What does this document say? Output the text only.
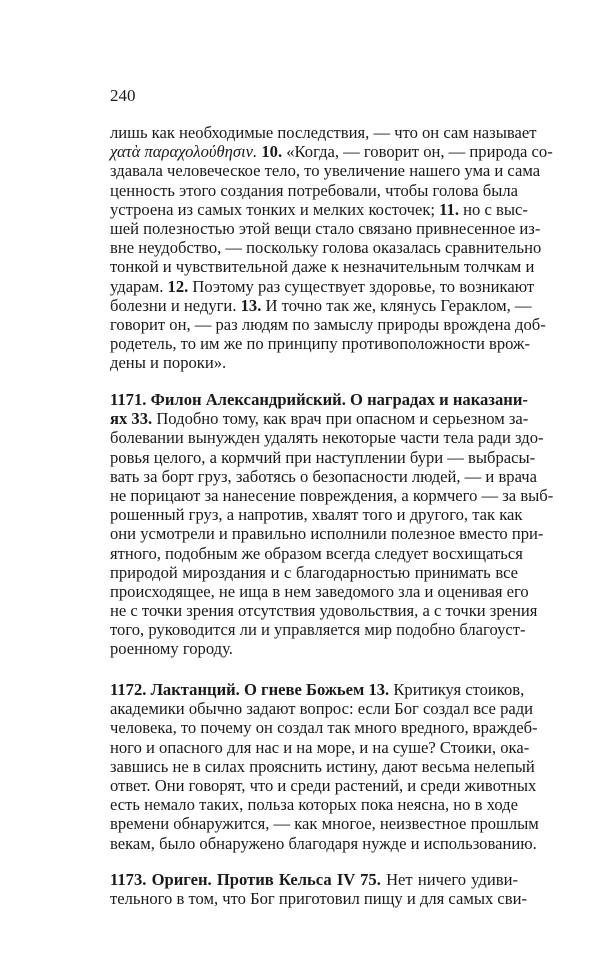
240
лишь как необходимые последствия, — что он сам называет
χατὰ παραχολούθησιν. 10. «Когда, — говорит он, — природа со-
здавала человеческое тело, то увеличение нашего ума и сама
ценность этого создания потребовали, чтобы голова была
устроена из самых тонких и мелких косточек; 11. но с выс-
шей полезностью этой вещи стало связано привнесенное из-
вне неудобство, — поскольку голова оказалась сравнительно
тонкой и чувствительной даже к незначительным толчкам и
ударам. 12. Поэтому раз существует здоровье, то возникают
болезни и недуги. 13. И точно так же, клянусь Гераклом, —
говорит он, — раз людям по замыслу природы врождена доб-
родетель, то им же по принципу противоположности врож-
дены и пороки».
1171. Филон Александрийский. О наградах и наказани-
ях 33. Подобно тому, как врач при опасном и серьезном за-
болевании вынужден удалять некоторые части тела ради здо-
ровья целого, а кормчий при наступлении бури — выбрасы-
вать за борт груз, заботясь о безопасности людей, — и врача
не порицают за нанесение повреждения, а кормчего — за выб-
рошенный груз, а напротив, хвалят того и другого, так как
они усмотрели и правильно исполнили полезное вместо при-
ятного, подобным же образом всегда следует восхищаться
природой мироздания и с благодарностью принимать все
происходящее, не ища в нем заведомого зла и оценивая его
не с точки зрения отсутствия удовольствия, а с точки зрения
того, руководится ли и управляется мир подобно благоуст-
роенному городу.
1172. Лактанций. О гневе Божьем 13. Критикуя стоиков,
академики обычно задают вопрос: если Бог создал все ради
человека, то почему он создал так много вредного, враждеб-
ного и опасного для нас и на море, и на суше? Стоики, ока-
завшись не в силах прояснить истину, дают весьма нелепый
ответ. Они говорят, что и среди растений, и среди животных
есть немало таких, польза которых пока неясна, но в ходе
времени обнаружится, — как многое, неизвестное прошлым
векам, было обнаружено благодаря нужде и использованию.
1173. Ориген. Против Кельса IV 75. Нет ничего удиви-
тельного в том, что Бог приготовил пищу и для самых сви-
